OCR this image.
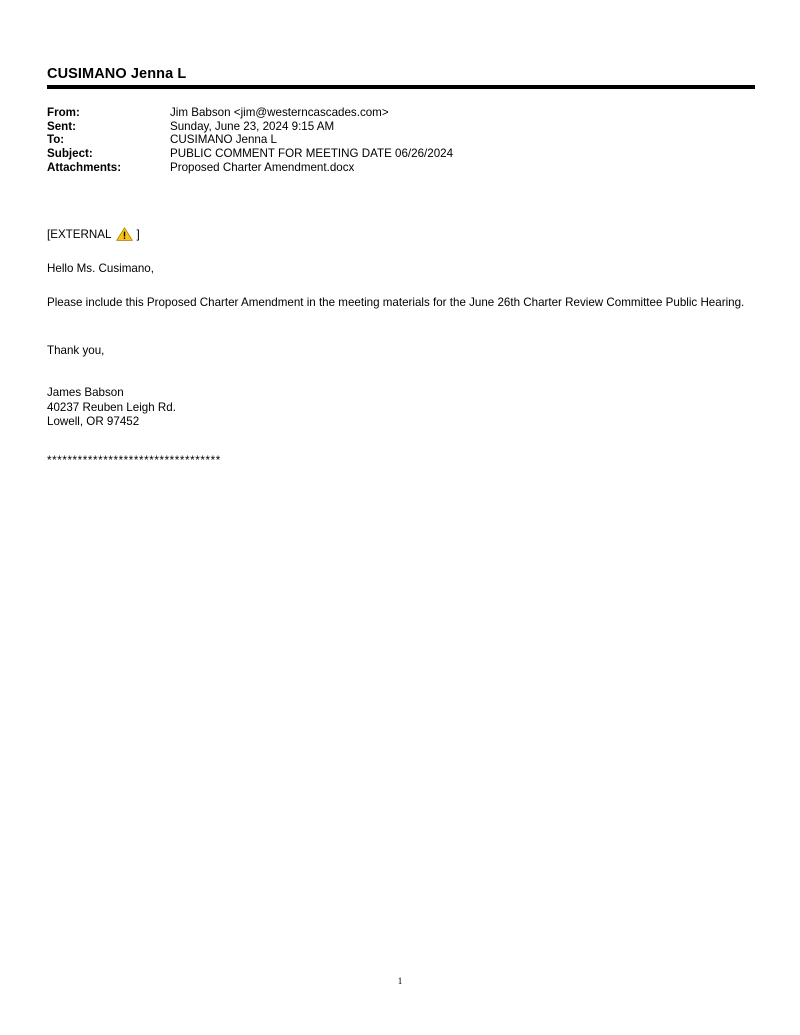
CUSIMANO Jenna L
From:	Jim Babson <jim@westerncascades.com>
Sent:	Sunday, June 23, 2024 9:15 AM
To:	CUSIMANO Jenna L
Subject:	PUBLIC COMMENT FOR MEETING DATE 06/26/2024
Attachments:	Proposed Charter Amendment.docx
[EXTERNAL ]
Hello Ms. Cusimano,
Please include this Proposed Charter Amendment in the meeting materials for the June 26th Charter Review Committee Public Hearing.
Thank you,
James Babson
40237 Reuben Leigh Rd.
Lowell, OR 97452
**********************************
1
